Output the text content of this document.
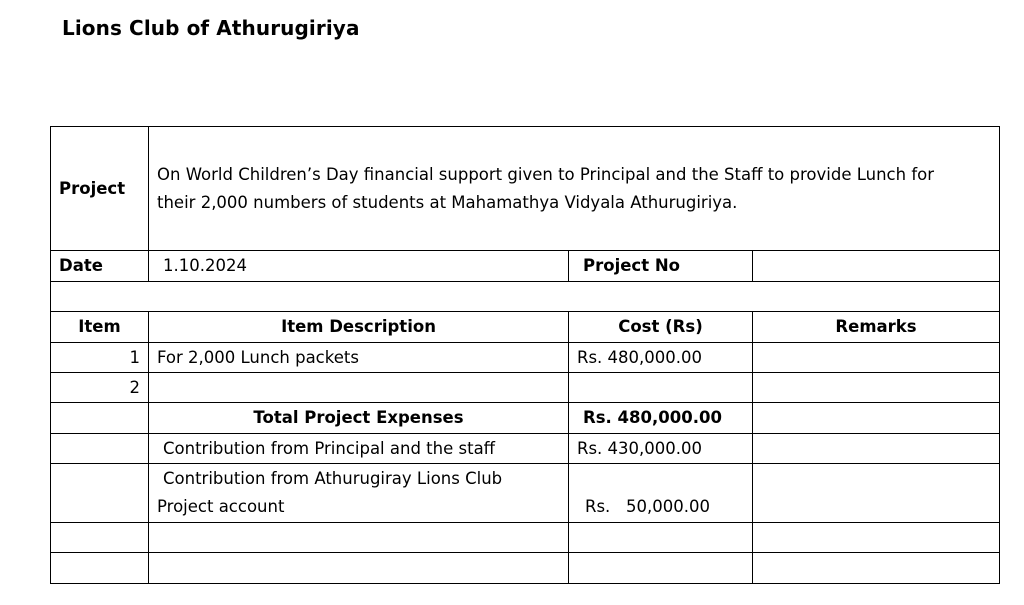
Lions Club of Athurugiriya
Project	On World Children’s Day financial support given to Principal and the Staff to provide Lunch for
their 2,000 numbers of students at Mahamathya Vidyala Athurugiriya.		

Date	1.10.2024	Project No	

Item	Item Description	Cost (Rs)	Remarks
1	For 2,000 Lunch packets	Rs. 480,000.00	
2			
	Total Project Expenses	Rs. 480,000.00	
	Contribution from Principal and the staff	Rs. 430,000.00	

	Contribution from Athurugiray Lions Club
Project account	Rs.   50,000.00	
